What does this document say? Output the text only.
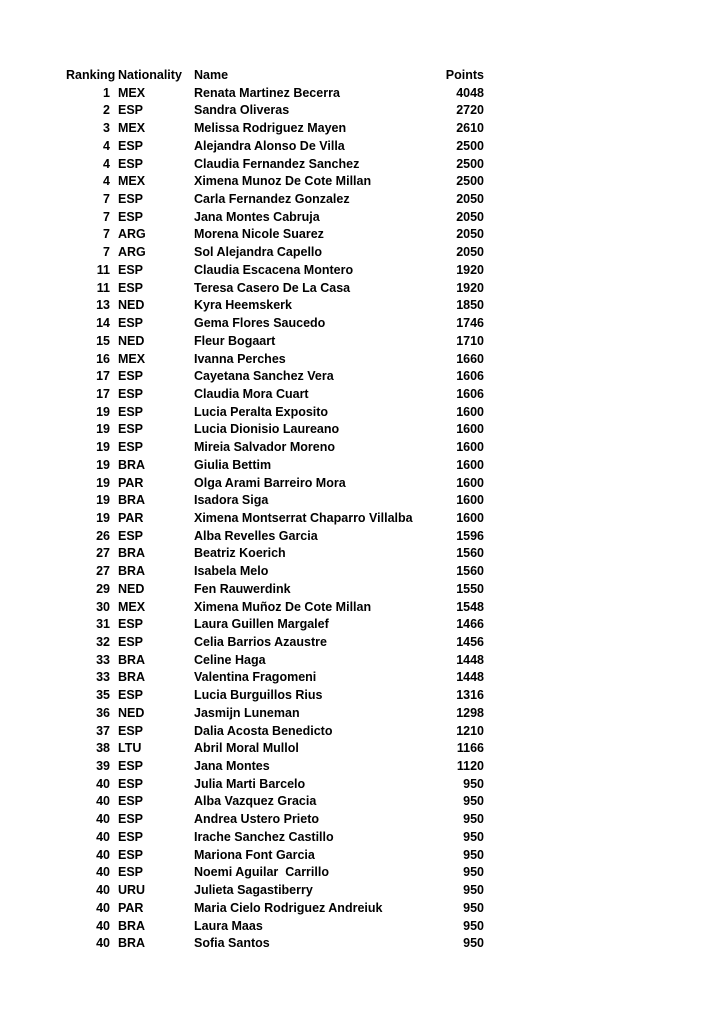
Ranking Nationality Name	Points
1 MEX	Renata Martinez Becerra	4048
2 ESP	Sandra Oliveras	2720
3 MEX	Melissa Rodriguez Mayen	2610
4 ESP	Alejandra Alonso De Villa	2500
4 ESP	Claudia Fernandez Sanchez	2500
4 MEX	Ximena Munoz De Cote Millan	2500
7 ESP	Carla Fernandez Gonzalez	2050
7 ESP	Jana Montes Cabruja	2050
7 ARG	Morena Nicole Suarez	2050
7 ARG	Sol Alejandra Capello	2050
11 ESP	Claudia Escacena Montero	1920
11 ESP	Teresa Casero De La Casa	1920
13 NED	Kyra Heemskerk	1850
14 ESP	Gema Flores Saucedo	1746
15 NED	Fleur Bogaart	1710
16 MEX	Ivanna Perches	1660
17 ESP	Cayetana Sanchez Vera	1606
17 ESP	Claudia Mora Cuart	1606
19 ESP	Lucia Peralta Exposito	1600
19 ESP	Lucia Dionisio Laureano	1600
19 ESP	Mireia Salvador Moreno	1600
19 BRA	Giulia Bettim	1600
19 PAR	Olga Arami Barreiro Mora	1600
19 BRA	Isadora Siga	1600
19 PAR	Ximena Montserrat Chaparro Villalba	1600
26 ESP	Alba Revelles Garcia	1596
27 BRA	Beatriz Koerich	1560
27 BRA	Isabela Melo	1560
29 NED	Fen Rauwerdink	1550
30 MEX	Ximena Muñoz De Cote Millan	1548
31 ESP	Laura Guillen Margalef	1466
32 ESP	Celia Barrios Azaustre	1456
33 BRA	Celine Haga	1448
33 BRA	Valentina Fragomeni	1448
35 ESP	Lucia Burguillos Rius	1316
36 NED	Jasmijn Luneman	1298
37 ESP	Dalia Acosta Benedicto	1210
38 LTU	Abril Moral Mullol	1166
39 ESP	Jana Montes	1120
40 ESP	Julia Marti Barcelo	950
40 ESP	Alba Vazquez Gracia	950
40 ESP	Andrea Ustero Prieto	950
40 ESP	Irache Sanchez Castillo	950
40 ESP	Mariona Font Garcia	950
40 ESP	Noemi Aguilar  Carrillo	950
40 URU	Julieta Sagastiberry	950
40 PAR	Maria Cielo Rodriguez Andreiuk	950
40 BRA	Laura Maas	950
40 BRA	Sofia Santos	950
